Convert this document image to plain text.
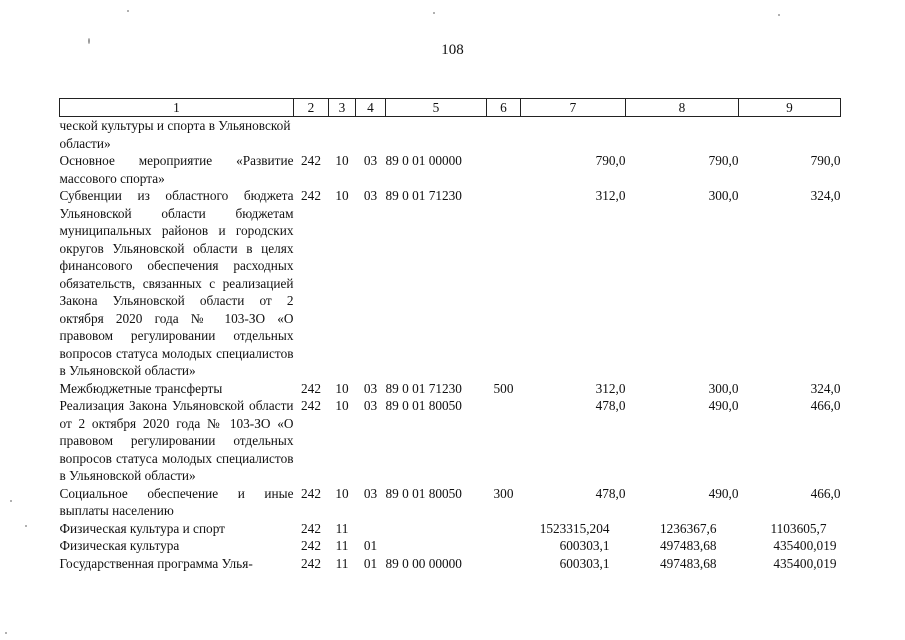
108
1	2	3	4	5	6	7	8	9
ческой культуры и спорта в Ульяновской области»								
Основное мероприятие «Развитие массового спорта»	242	10	03	89 0 01 00000		790,0	790,0	790,0
Субвенции из областного бюджета Ульяновской области бюджетам муниципальных районов и городских округов Ульяновской области в целях финансового обеспечения расходных обязательств, связанных с реализацией Закона Ульяновской области от 2 октября 2020 года № 103-ЗО «О правовом регулировании отдельных вопросов статуса молодых специалистов в Ульяновской области»	242	10	03	89 0 01 71230		312,0	300,0	324,0
Межбюджетные трансферты	242	10	03	89 0 01 71230	500	312,0	300,0	324,0
Реализация Закона Ульяновской области от 2 октября 2020 года № 103-ЗО «О правовом регулировании отдельных вопросов статуса молодых специалистов в Ульяновской области»	242	10	03	89 0 01 80050		478,0	490,0	466,0
Социальное обеспечение и иные выплаты населению	242	10	03	89 0 01 80050	300	478,0	490,0	466,0
Физическая культура и спорт	242	11				1523315,204	1236367,6	1103605,7
Физическая культура	242	11	01			600303,1	497483,68	435400,019
Государственная программа Улья-	242	11	01	89 0 00 00000		600303,1	497483,68	435400,019
